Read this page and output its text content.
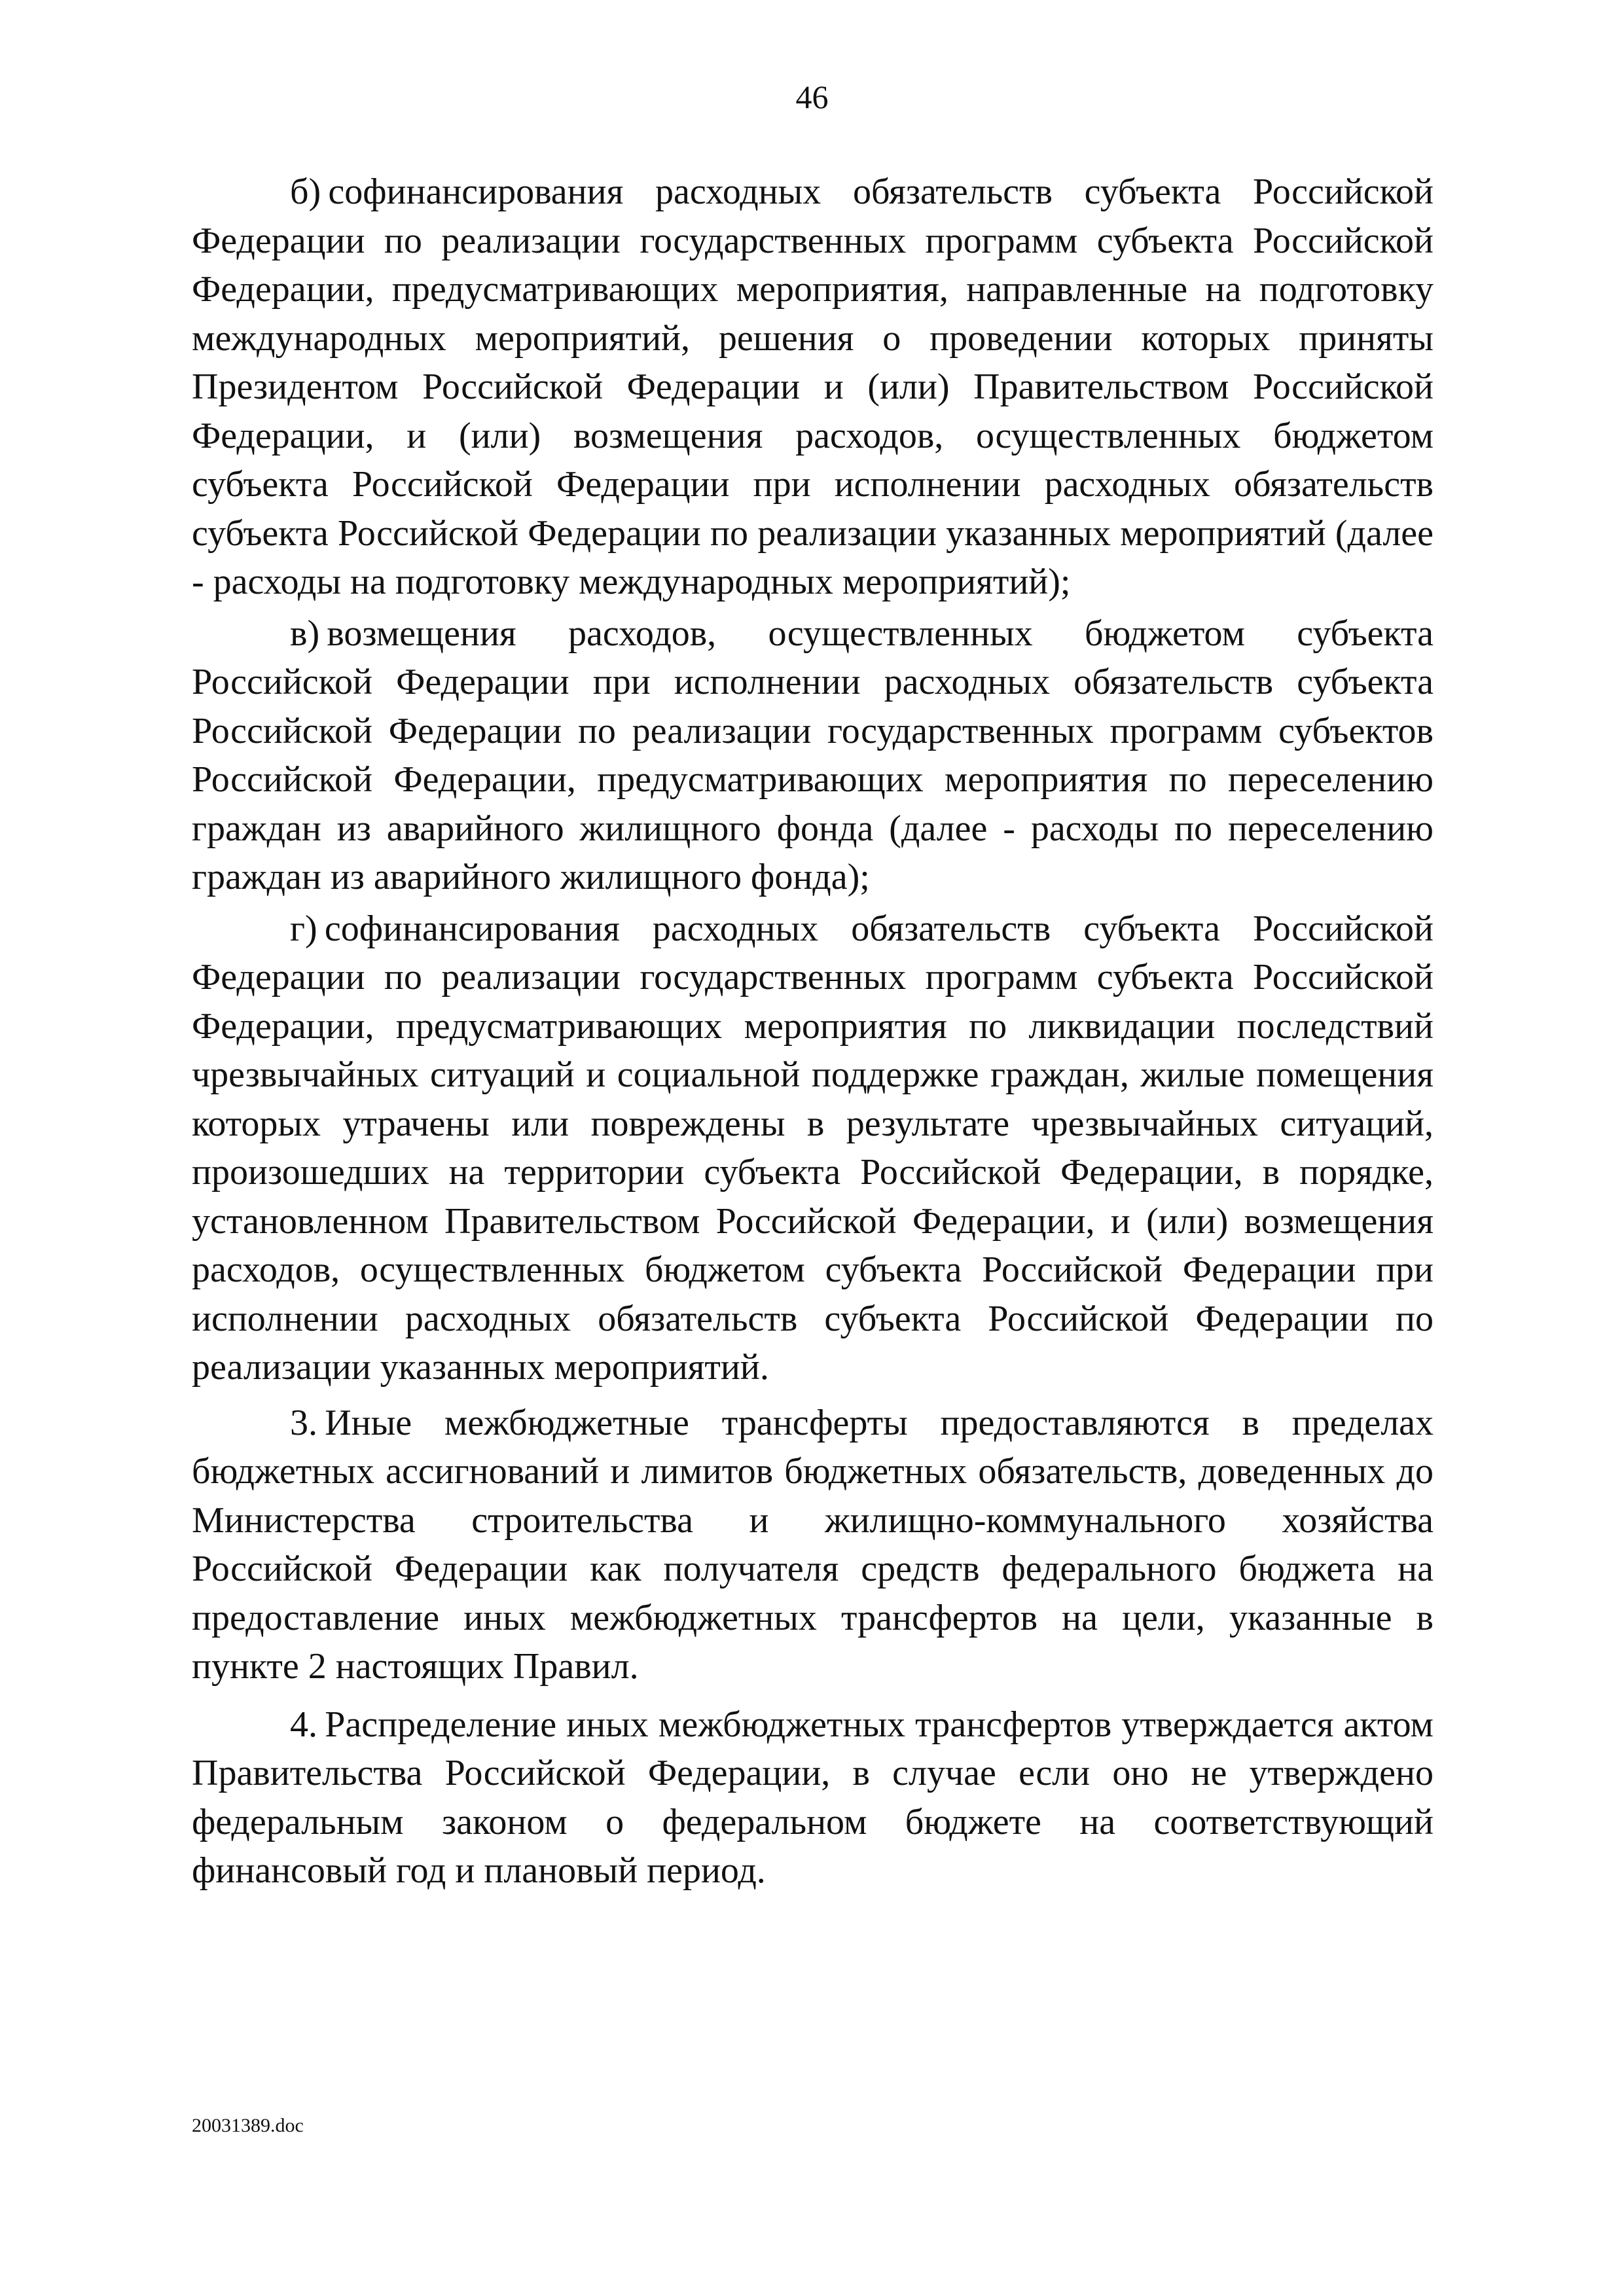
46

б)  софинансирования расходных обязательств субъекта Российской Федерации по реализации государственных программ субъекта Российской Федерации, предусматривающих мероприятия, направленные на подготовку международных мероприятий, решения о проведении которых приняты Президентом Российской Федерации и (или) Правительством Российской Федерации, и (или) возмещения расходов, осуществленных бюджетом субъекта Российской Федерации при исполнении расходных обязательств субъекта Российской Федерации по реализации указанных мероприятий (далее - расходы на подготовку международных мероприятий);

в)  возмещения расходов, осуществленных бюджетом субъекта Российской Федерации при исполнении расходных обязательств субъекта Российской Федерации по реализации государственных программ субъектов Российской Федерации, предусматривающих мероприятия по переселению граждан из аварийного жилищного фонда (далее - расходы по переселению граждан из аварийного жилищного фонда);

г)  софинансирования расходных обязательств субъекта Российской Федерации по реализации государственных программ субъекта Российской Федерации, предусматривающих мероприятия по ликвидации последствий чрезвычайных ситуаций и социальной поддержке граждан, жилые помещения которых утрачены или повреждены в результате чрезвычайных ситуаций, произошедших на территории субъекта Российской Федерации, в порядке, установленном Правительством Российской Федерации, и (или) возмещения расходов, осуществленных бюджетом субъекта Российской Федерации при исполнении расходных обязательств субъекта Российской Федерации по реализации указанных мероприятий.

3.  Иные межбюджетные трансферты предоставляются в пределах бюджетных ассигнований и лимитов бюджетных обязательств, доведенных до Министерства строительства и жилищно-коммунального хозяйства Российской Федерации как получателя средств федерального бюджета на предоставление иных межбюджетных трансфертов на цели, указанные в пункте 2 настоящих Правил.

4.  Распределение иных межбюджетных трансфертов утверждается актом Правительства Российской Федерации, в случае если оно не утверждено федеральным законом о федеральном бюджете на соответствующий финансовый год и плановый период.

20031389.doc
